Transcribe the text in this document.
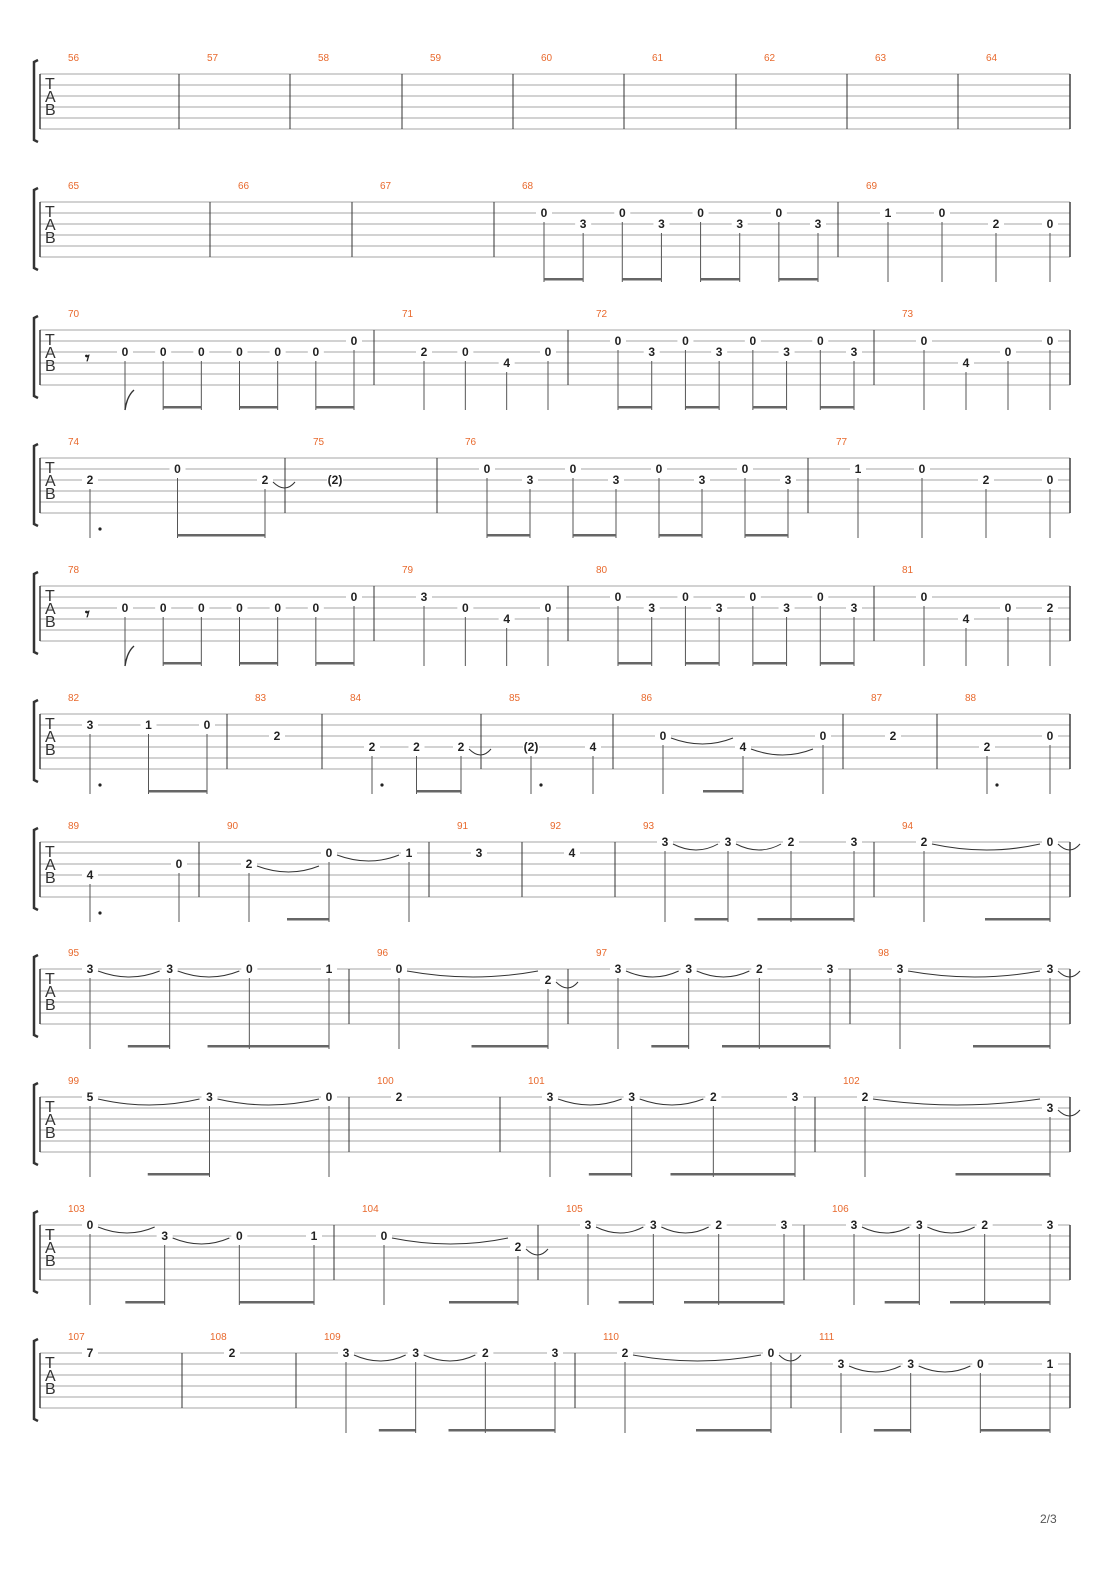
T
A
B
56	57	58	59	60	61	62	63	64
T
A
B
65	66	67	68
0
3
0
3
0
3
0
3
69
1	0
2	0
T
A
B
70
𝄾	0	0	0	0	0	0
0
71
2	0
4
0
72
0
3
0
3
0
3
0
3
73
0
4
0
0
T
A
B
74
2
0
2
75
(2)
76
0
3
0
3
0
3
0
3
77
1	0
2	0
T
A
B
78
𝄾	0	0	0	0	0	0
0
79
3
0
4
0
80
0
3
0
3
0
3
0
3
81
0
4
0	2
T
A
B
82
3	1	0
83
2
84
2	2	2
85
(2)	4
86
0
4
0
87
2
88
2
0
T
A
B
89
4
0
90
2
0	1
91
3
92
4
93
3	3	2	3
94
2	0
T
A
B
95
3	3	0	1
96
0
2
97
3	3	2	3
98
3	3
T
A
B
99
5	3	0
100
2
101
3	3	2	3
102
2
3
T
A
B
103
0
3	0	1
104
0
2
105
3	3	2	3
106
3	3	2	3
T
A
B
107
7
108
2
109
3	3	2	3
110
2	0
111
3	3	0	1
2/3
